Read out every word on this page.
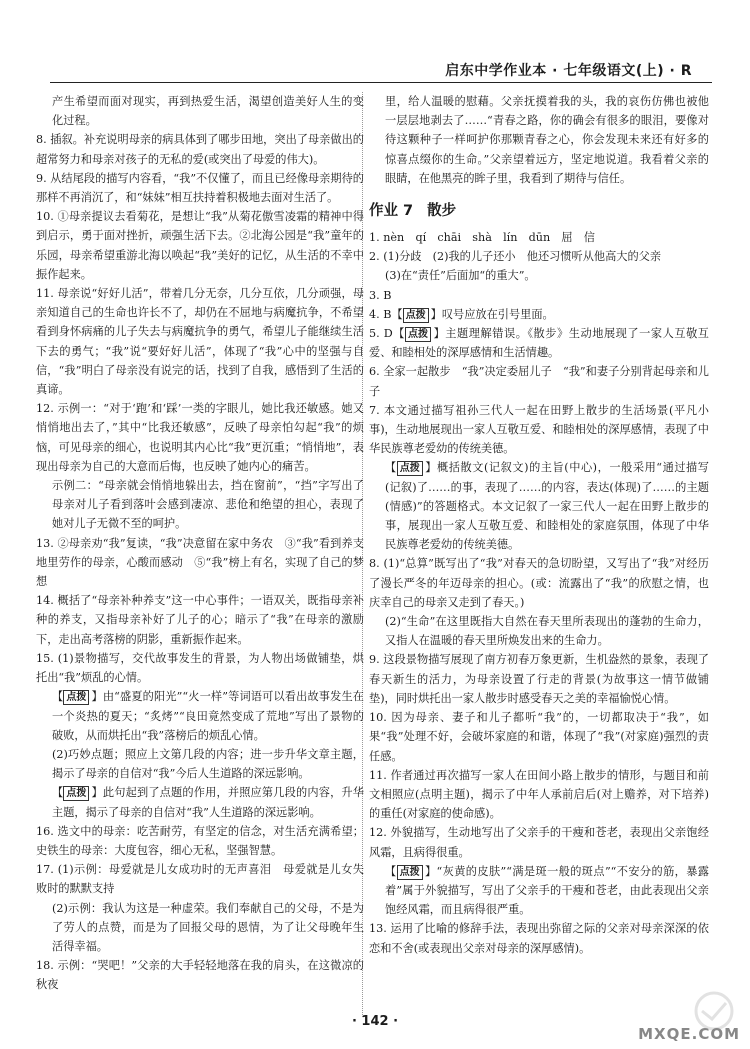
启东中学作业本 · 七年级语文(上) · R

产生希望而面对现实，再到热爱生活，渴望创造美好人生的变化过程。

8. 插叙。补充说明母亲的病具体到了哪步田地，突出了母亲做出的超常努力和母亲对孩子的无私的爱(或突出了母爱的伟大)。

9. 从结尾段的描写内容看，“我”不仅懂了，而且已经像母亲期待的那样不再消沉了，和“妹妹”相互扶持着积极地去面对生活了。

10. ①母亲提议去看菊花，是想让“我”从菊花傲雪凌霜的精神中得到启示，勇于面对挫折，顽强生活下去。②北海公园是“我”童年的乐园，母亲希望重游北海以唤起“我”美好的记忆，从生活的不幸中振作起来。

11. 母亲说“好好儿活”，带着几分无奈，几分互依，几分顽强，母亲知道自己的生命也许长不了，却仍在不屈地与病魔抗争，不希望看到身怀病痛的儿子失去与病魔抗争的勇气，希望儿子能继续生活下去的勇气；“我”说“要好好儿活”，体现了“我”心中的坚强与自信，“我”明白了母亲没有说完的话，找到了自我，感悟到了生活的真谛。

12. 示例一：“对于‘跑’和‘踩’一类的字眼儿，她比我还敏感。她又悄悄地出去了，”其中“比我还敏感”，反映了母亲怕勾起“我”的烦恼，可见母亲的细心，也说明其内心比“我”更沉重；“悄悄地”，表现出母亲为自己的大意而后悔，也反映了她内心的痛苦。

示例二：“母亲就会悄悄地躲出去，挡在窗前”，“挡”字写出了母亲对儿子看到落叶会感到凄凉、悲伧和绝望的担心，表现了她对儿子无微不至的呵护。

13. ②母亲劝“我”复读，“我”决意留在家中务农　③“我”看到养支地里劳作的母亲，心酸而感动　⑤“我”榜上有名，实现了自己的梦想

14. 概括了“母亲补种养支”这一中心事件；一语双关，既指母亲补种的养支，又指母亲补好了儿子的心；暗示了“我”在母亲的激励下，走出高考落榜的阴影，重新振作起来。

15. (1)景物描写，交代故事发生的背景，为人物出场做铺垫，烘托出“我”烦乱的心情。

【 点拨 】由“盛夏的阳光”“火一样”等词语可以看出故事发生在一个炎热的夏天；“炙烤”“良田竟然变成了荒地”写出了景物的破败，从而烘托出“我”落榜后的烦乱心情。

(2)巧妙点题；照应上文第几段的内容；进一步升华文章主题，揭示了母亲的自信对“我”今后人生道路的深远影响。

【 点拨 】此句起到了点题的作用，并照应第几段的内容，升华主题，揭示了母亲的自信对“我”人生道路的深远影响。

16. 选文中的母亲：吃苦耐劳，有坚定的信念，对生活充满希望；史铁生的母亲：大度包容，细心无私，坚强智慧。

17. (1)示例：母爱就是儿女成功时的无声喜泪　母爱就是儿女失败时的默默支持

(2)示例：我认为这是一种虚荣。我们奉献自己的父母，不是为了劳人的点赞，而是为了回报父母的恩情，为了让父母晚年生活得幸福。

18. 示例：“哭吧！”父亲的大手轻轻地落在我的肩头，在这微凉的秋夜

里，给人温暖的慰藉。父亲抚摸着我的头，我的哀伤仿佛也被他一层层地剥去了……“青春之路，你的确会有很多的眼泪，要像对待这颗种子一样呵护你那颗青春之心，你会发现未来还有好多的惊喜点缀你的生命。”父亲望着远方，坚定地说道。我看着父亲的眼睛，在他黑亮的眸子里，我看到了期待与信任。

作业 7 散步

1. nèn　qí　chāi　shà　lín　dūn　屈　信

2. (1)分歧　(2)我的儿子还小　他还习惯听从他高大的父亲

(3)在“责任”后面加“的重大”。

3. B

4. B【 点拨 】叹号应放在引号里面。

5. D【 点拨 】主题理解错误。《散步》生动地展现了一家人互敬互爱、和睦相处的深厚感情和生活情趣。

6. 全家一起散步　“我”决定委屈儿子　“我”和妻子分别背起母亲和儿子

7. 本文通过描写祖孙三代人一起在田野上散步的生活场景(平凡小事)，生动地展现出一家人互敬互爱、和睦相处的深厚感情，表现了中华民族尊老爱幼的传统美德。

【 点拨 】概括散文(记叙文)的主旨(中心)，一般采用“通过描写(记叙)了……的事，表现了……的内容，表达(体现)了……的主题(情感)”的答题格式。本文记叙了一家三代人一起在田野上散步的事，展现出一家人互敬互爱、和睦相处的家庭氛围，体现了中华民族尊老爱幼的传统美德。

8. (1)“总算”既写出了“我”对春天的急切盼望，又写出了“我”对经历了漫长严冬的年迈母亲的担心。(或：流露出了“我”的欣慰之情，也庆幸自己的母亲又走到了春天。)

(2)“生命”在这里既指大自然在春天里所表现出的蓬勃的生命力，又指人在温暖的春天里所焕发出来的生命力。

9. 这段景物描写展现了南方初春万象更新，生机盎然的景象，表现了春天新生的活力，为母亲设置了行走的背景(为故事这一情节做铺垫)，同时烘托出一家人散步时感受春天之美的幸福愉悦心情。

10. 因为母亲、妻子和儿子都听“我”的，一切都取决于“我”，如果“我”处理不好，会破坏家庭的和谐，体现了“我”(对家庭)强烈的责任感。

11. 作者通过再次描写一家人在田间小路上散步的情形，与题目和前文相照应(点明主题)，揭示了中年人承前启后(对上赡养，对下培养)的重任(对家庭的使命感)。

12. 外貌描写，生动地写出了父亲手的干瘦和苍老，表现出父亲饱经风霜，且病得很重。

【 点拨 】“灰黄的皮肤”“满是斑一般的斑点”“不安分的筋，暴露着”属于外貌描写，写出了父亲手的干瘦和苍老，由此表现出父亲饱经风霜，而且病得很严重。

13. 运用了比喻的修辞手法，表现出弥留之际的父亲对母亲深深的依恋和不舍(或表现出父亲对母亲的深厚感情)。

· 142 ·
MXQE.COM
